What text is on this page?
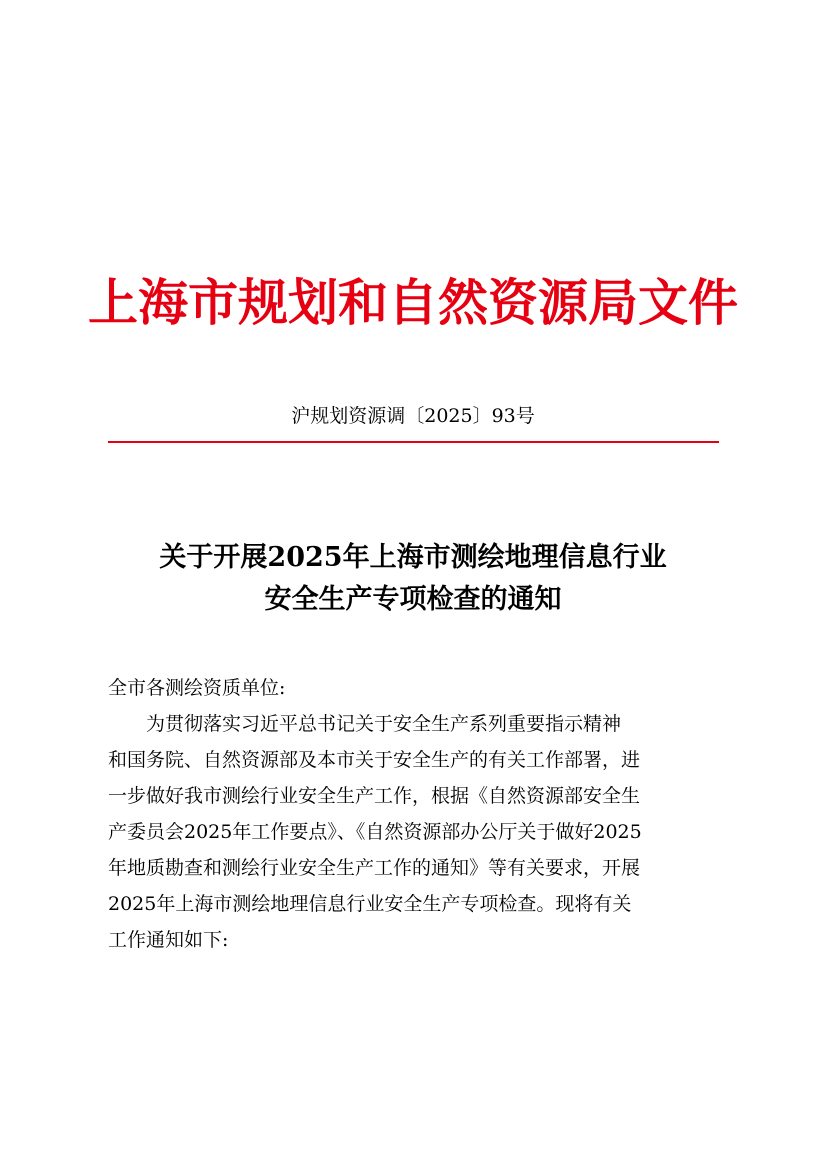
上海市规划和自然资源局文件
沪规划资源调〔2025〕93号
关于开展2025年上海市测绘地理信息行业
安全生产专项检查的通知

全市各测绘资质单位:

为贯彻落实习近平总书记关于安全生产系列重要指示精神

和国务院、自然资源部及本市关于安全生产的有关工作部署，进

一步做好我市测绘行业安全生产工作，根据《自然资源部安全生

产委员会2025年工作要点》、《自然资源部办公厅关于做好2025

年地质勘查和测绘行业安全生产工作的通知》等有关要求，开展

2025年上海市测绘地理信息行业安全生产专项检查。现将有关

工作通知如下:
